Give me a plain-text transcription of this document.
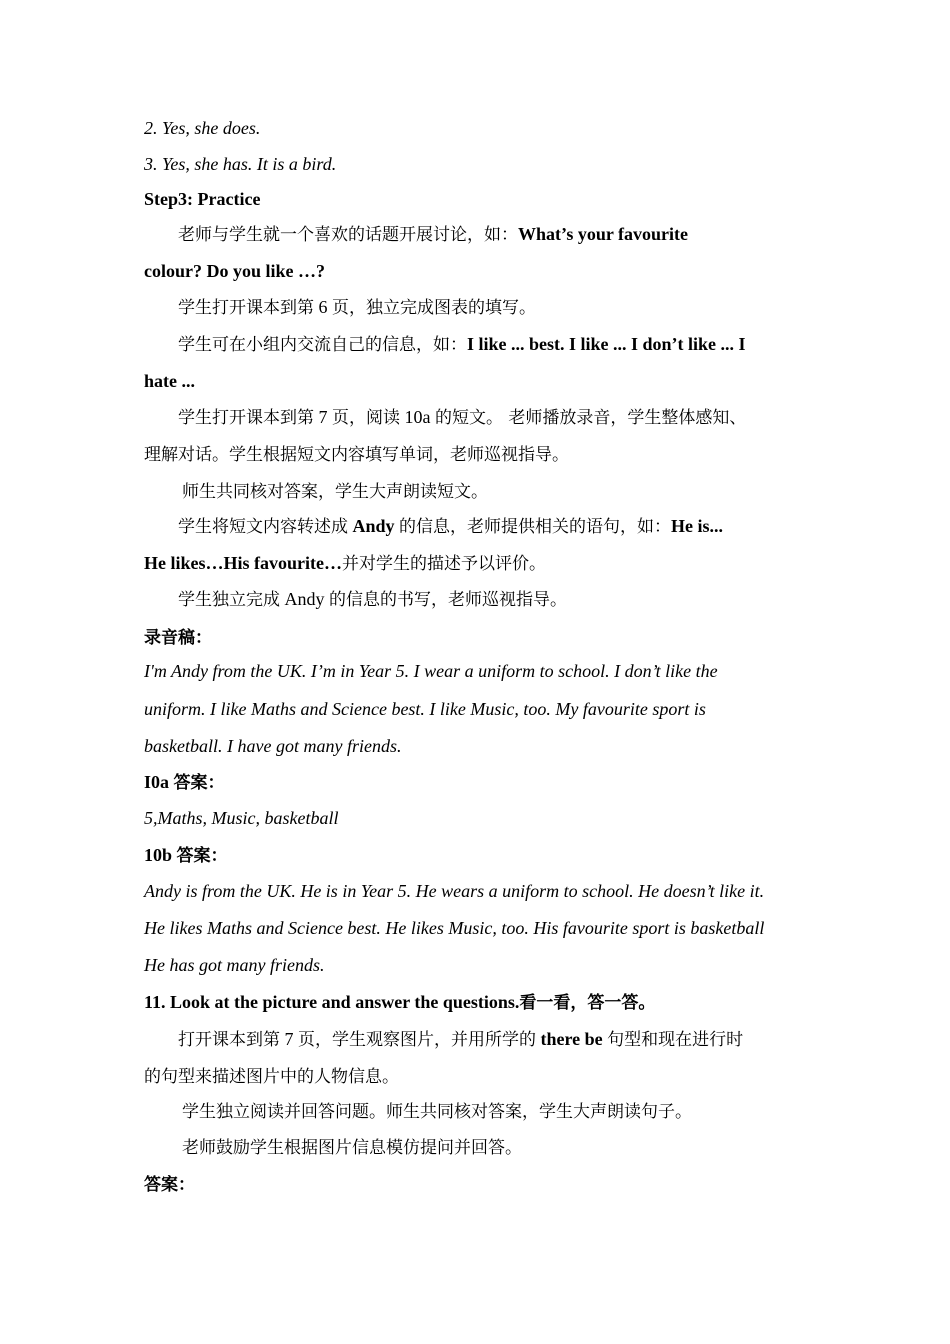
2. Yes, she does.
3. Yes, she has. It is a bird.
Step3: Practice
老师与学生就一个喜欢的话题开展讨论，如：What’s your favourite
colour? Do you like …?
学生打开课本到第 6 页，独立完成图表的填写。
学生可在小组内交流自己的信息，如：I like ... best. I like ... I don’t like ... I
hate ...
学生打开课本到第 7 页，阅读 10a 的短文。 老师播放录音，学生整体感知、
理解对话。学生根据短文内容填写单词，老师巡视指导。
师生共同核对答案，学生大声朗读短文。
学生将短文内容转述成 Andy 的信息，老师提供相关的语句，如：He is...
He likes…His favourite…并对学生的描述予以评价。
学生独立完成 Andy 的信息的书写，老师巡视指导。
录音稿：
I'm Andy from the UK. I’m in Year 5. I wear a uniform to school. I don’t like the
uniform. I like Maths and Science best. I like Music, too. My favourite sport is
basketball. I have got many friends.
I0a 答案：
5,Maths, Music, basketball
10b 答案：
Andy is from the UK. He is in Year 5. He wears a uniform to school. He doesn’t like it.
He likes Maths and Science best. He likes Music, too. His favourite sport is basketball
He has got many friends.
11. Look at the picture and answer the questions.看一看，答一答。
打开课本到第 7 页，学生观察图片，并用所学的 there be 句型和现在进行时
的句型来描述图片中的人物信息。
学生独立阅读并回答问题。师生共同核对答案，学生大声朗读句子。
老师鼓励学生根据图片信息模仿提问并回答。
答案：
